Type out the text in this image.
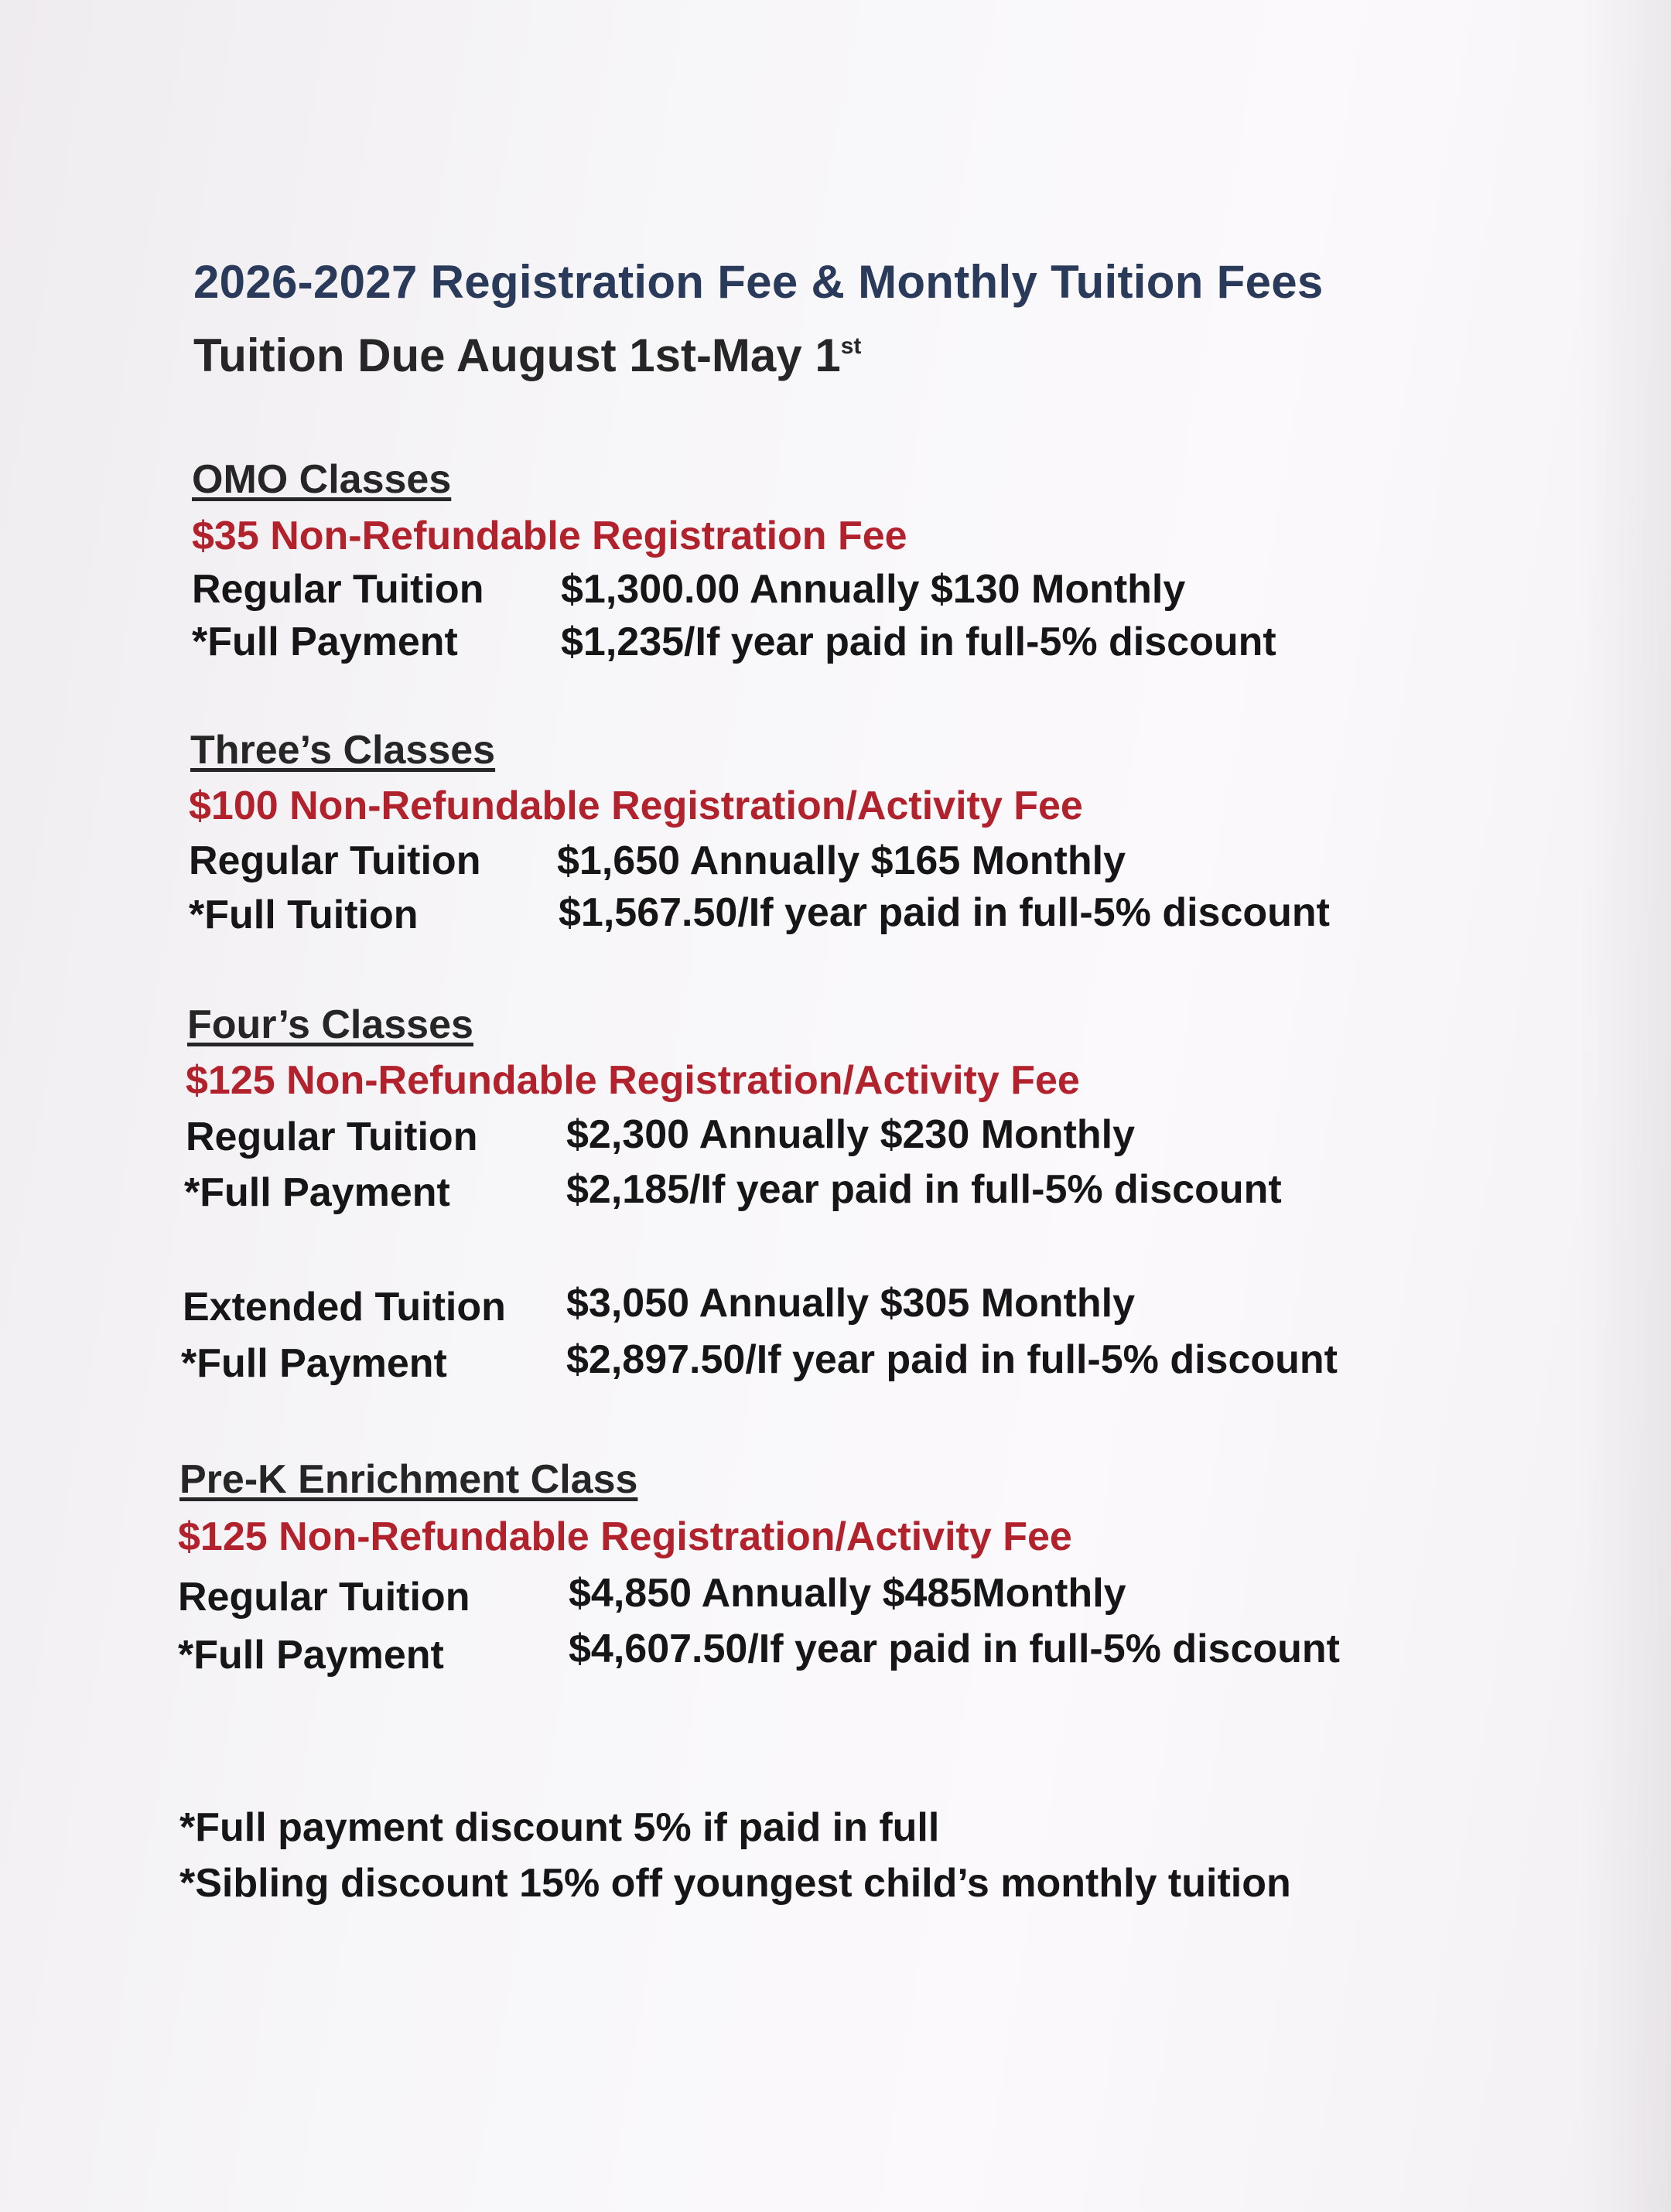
2026-2027 Registration Fee & Monthly Tuition Fees
Tuition Due August 1st-May 1st
OMO Classes
$35 Non-Refundable Registration Fee
Regular Tuition $1,300.00 Annually $130 Monthly
*Full Payment	$1,235/If year paid in full-5% discount
Three’s Classes
$100 Non-Refundable Registration/Activity Fee
Regular Tuition $1,650 Annually $165 Monthly
*Full Tuition	$1,567.50/If year paid in full-5% discount
Four’s Classes
$125 Non-Refundable Registration/Activity Fee
Regular Tuition $2,300 Annually $230 Monthly
*Full Payment	$2,185/If year paid in full-5% discount
Extended Tuition $3,050 Annually $305 Monthly
*Full Payment	$2,897.50/If year paid in full-5% discount
Pre-K Enrichment Class
$125 Non-Refundable Registration/Activity Fee
Regular Tuition $4,850 Annually $485Monthly
*Full Payment	$4,607.50/If year paid in full-5% discount
*Full payment discount 5% if paid in full
*Sibling discount 15% off youngest child’s monthly tuition
